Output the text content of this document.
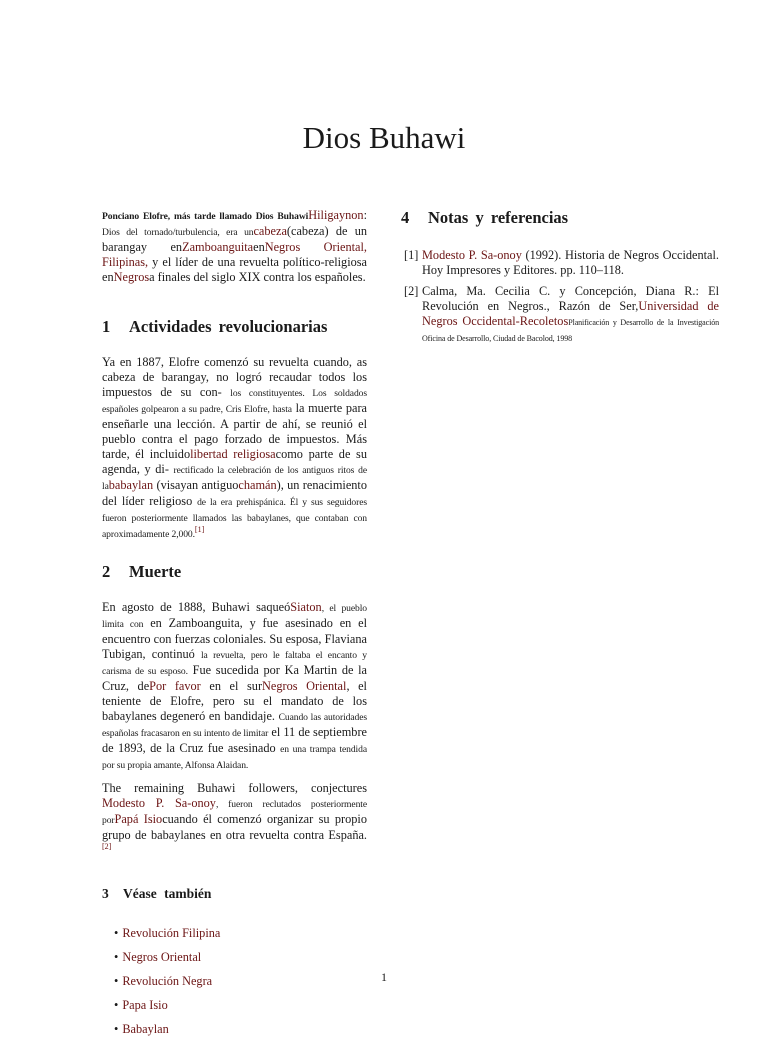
Dios Buhawi

Ponciano Elofre, más tarde llamado Dios BuhawiHiligaynon: Dios del tornado/turbulencia, era uncabeza(cabeza) de un barangay enZamboanguitaenNegros Oriental, Filipinas, y el líder de una revuelta político-religiosa enNegrosa finales del siglo XIX contra los españoles.

1 Actividades revolucionarias

Ya en 1887, Elofre comenzó su revuelta cuando, as cabeza de barangay, no logró recaudar todos los impuestos de su con- los constituyentes. Los soldados españoles golpearon a su padre, Cris Elofre, hasta la muerte para enseñarle una lección. A partir de ahí, se reunió el pueblo contra el pago forzado de impuestos. Más tarde, él incluidolibertad religiosacomo parte de su agenda, y di- rectificado la celebración de los antiguos ritos de lababaylan (visayan antiguochamán), un renacimiento del líder religioso de la era prehispánica. Él y sus seguidores fueron posteriormente llamados las babaylanes, que contaban con aproximadamente 2,000.[1]

2 Muerte

En agosto de 1888, Buhawi saqueóSiaton, el pueblo limita con en Zamboanguita, y fue asesinado en el encuentro con fuerzas coloniales. Su esposa, Flaviana Tubigan, continuó la revuelta, pero le faltaba el encanto y carisma de su esposo. Fue sucedida por Ka Martin de la Cruz, dePor favor en el surNegros Oriental, el teniente de Elofre, pero su el mandato de los babaylanes degeneró en bandidaje. Cuando las autoridades españolas fracasaron en su intento de limitar el 11 de septiembre de 1893, de la Cruz fue asesinado en una trampa tendida por su propia amante, Alfonsa Alaidan.

The remaining Buhawi followers, conjectures Modesto P. Sa-onoy, fueron reclutados posteriormente porPapá Isiocuando él comenzó organizar su propio grupo de babaylanes en otra revuelta contra España.[2]

3 Véase también
• Revolución Filipina
• Negros Oriental
• Revolución Negra
• Papa Isio
• Babaylan
4 Notas y referencias
[1] Modesto P. Sa-onoy (1992). Historia de Negros Occidental. Hoy Impresores y Editores. pp. 110–118.
[2] Calma, Ma. Cecilia C. y Concepción, Diana R.: El Revolución en Negros., Razón de Ser,Universidad de Negros Occidental-RecoletosPlanificación y Desarrollo de la Investigación Oficina de Desarrollo, Ciudad de Bacolod, 1998
1
